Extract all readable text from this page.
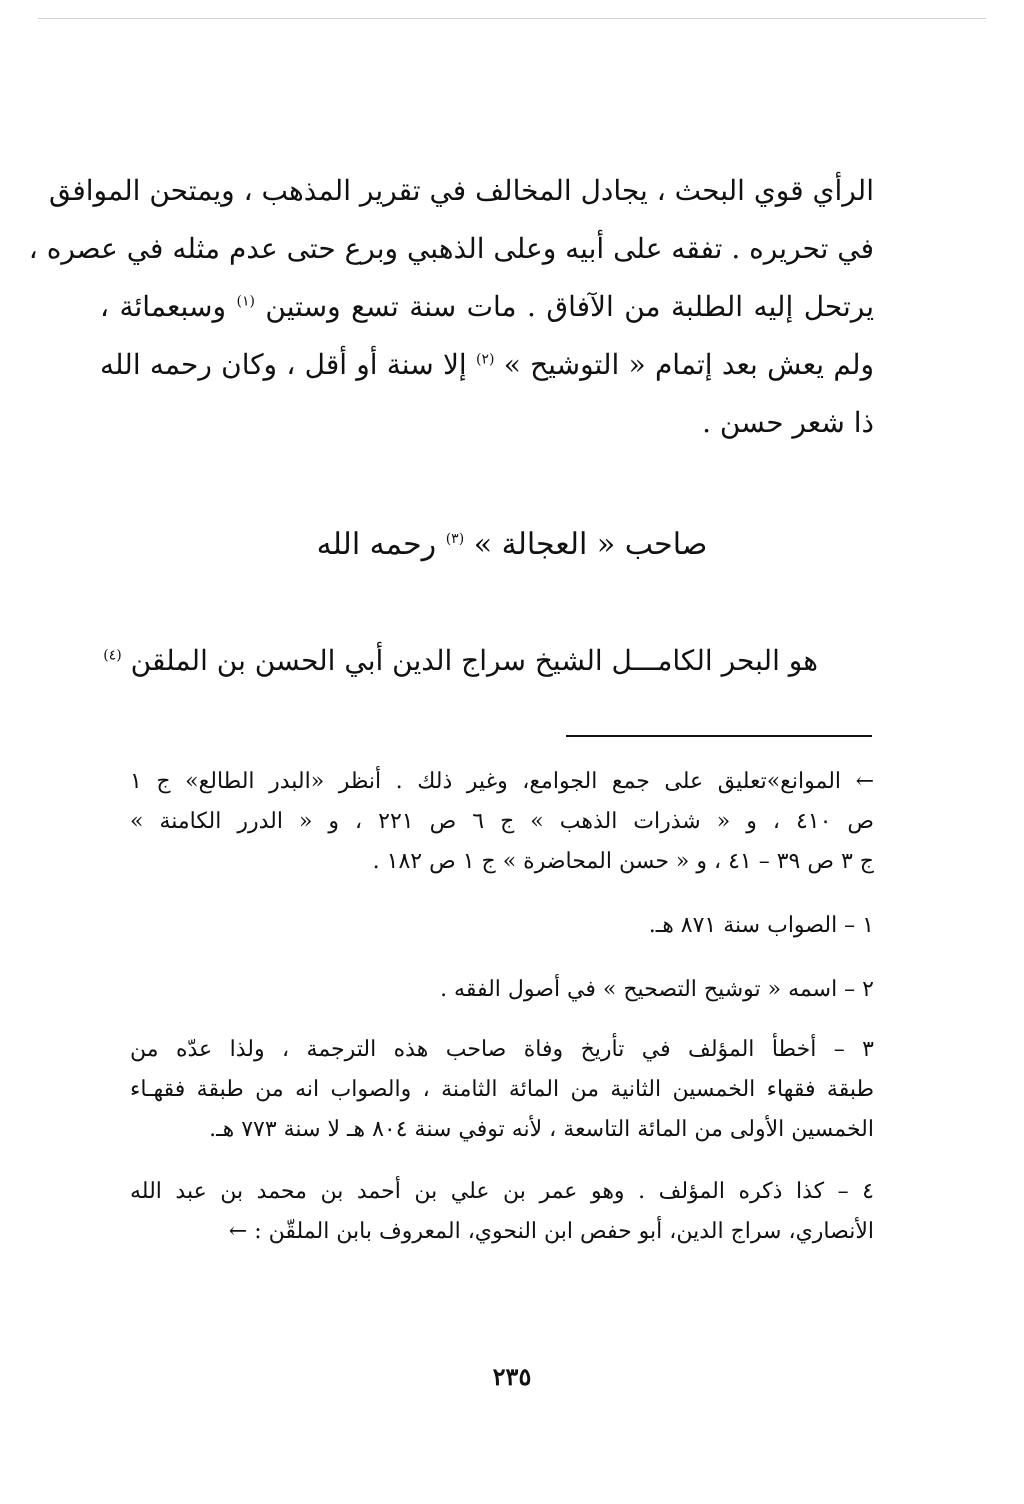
الرأي قوي البحث ، يجادل المخالف في تقرير المذهب ، ويمتحن الموافق
في تحريره . تفقه على أبيه وعلى الذهبي وبرع حتى عدم مثله في عصره ،
يرتحل إليه الطلبة من الآفاق . مات سنة تسع وستين $^{(١)}$ وسبعمائة ،
ولم يعش بعد إتمام « التوشيح » $^{(٢)}$ إلا سنة أو أقل ، وكان رحمه الله
ذا شعر حسن .
صاحب « العجالة » $^{(٣)}$ رحمه الله
هو البحر الكامـــل الشيخ سراج الدين أبي الحسن بن الملقن $^{(٤)}$
← الموانع»تعليق على جمع الجوامع، وغير ذلك . أنظر «البدر الطالع» ج ١
ص ٤١٠ ، و « شذرات الذهب » ج ٦ ص ٢٢١ ، و « الدرر الكامنة »
ج ٣ ص ٣٩ – ٤١ ، و « حسن المحاضرة » ج ١ ص ١٨٢ .
١ – الصواب سنة ٨٧١ هـ.
٢ – اسمه « توشيح التصحيح » في أصول الفقه .
٣ – أخطأ المؤلف في تأريخ وفاة صاحب هذه الترجمة ، ولذا عدّه من
طبقة فقهاء الخمسين الثانية من المائة الثامنة ، والصواب انه من طبقة فقهـاء
الخمسين الأولى من المائة التاسعة ، لأنه توفي سنة ٨٠٤ هـ لا سنة ٧٧٣ هـ.
٤ – كذا ذكره المؤلف . وهو عمر بن علي بن أحمد بن محمد بن عبد الله
الأنصاري، سراج الدين، أبو حفص ابن النحوي، المعروف بابن الملقّن : ←
٢٣٥
